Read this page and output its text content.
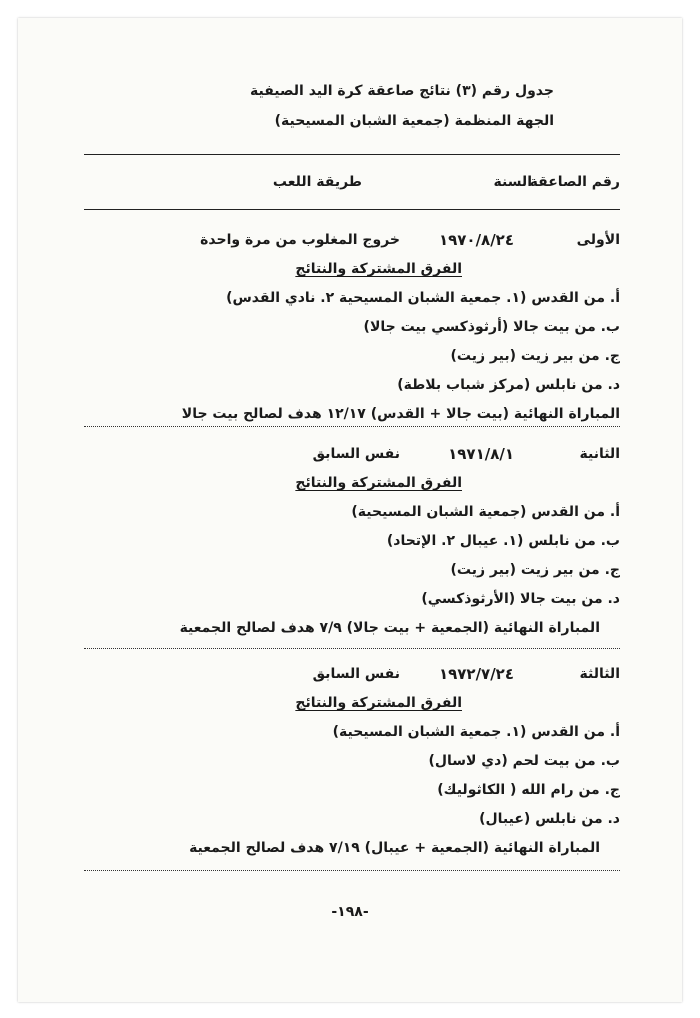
جدول رقم (٣) نتائج صاعقة كرة اليد الصيفية
الجهة المنظمة (جمعية الشبان المسيحية)
رقم الصاعقة
السنة
طريقة اللعب
الأولى
١٩٧٠/٨/٢٤
خروج المغلوب من مرة واحدة
الفرق المشتركة والنتائج
أ. من القدس (١. جمعية الشبان المسيحية ٢. نادي القدس)
ب. من بيت جالا (أرثوذكسي بيت جالا)
ج. من بير زيت (بير زيت)
د. من نابلس (مركز شباب بلاطة)
المباراة النهائية (بيت جالا + القدس) ١٢/١٧ هدف لصالح بيت جالا
الثانية
١٩٧١/٨/١
نفس السابق
الفرق المشتركة والنتائج
أ. من القدس (جمعية الشبان المسيحية)
ب. من نابلس (١. عيبال ٢. الإتحاد)
ج. من بير زيت (بير زيت)
د. من بيت جالا (الأرثوذكسي)
المباراة النهائية (الجمعية + بيت جالا) ٧/٩ هدف لصالح الجمعية
الثالثة
١٩٧٢/٧/٢٤
نفس السابق
الفرق المشتركة والنتائج
أ. من القدس (١. جمعية الشبان المسيحية)
ب. من بيت لحم (دي لاسال)
ج. من رام الله ( الكاثوليك)
د. من نابلس (عيبال)
المباراة النهائية (الجمعية + عيبال) ٧/١٩ هدف لصالح الجمعية
-١٩٨-
